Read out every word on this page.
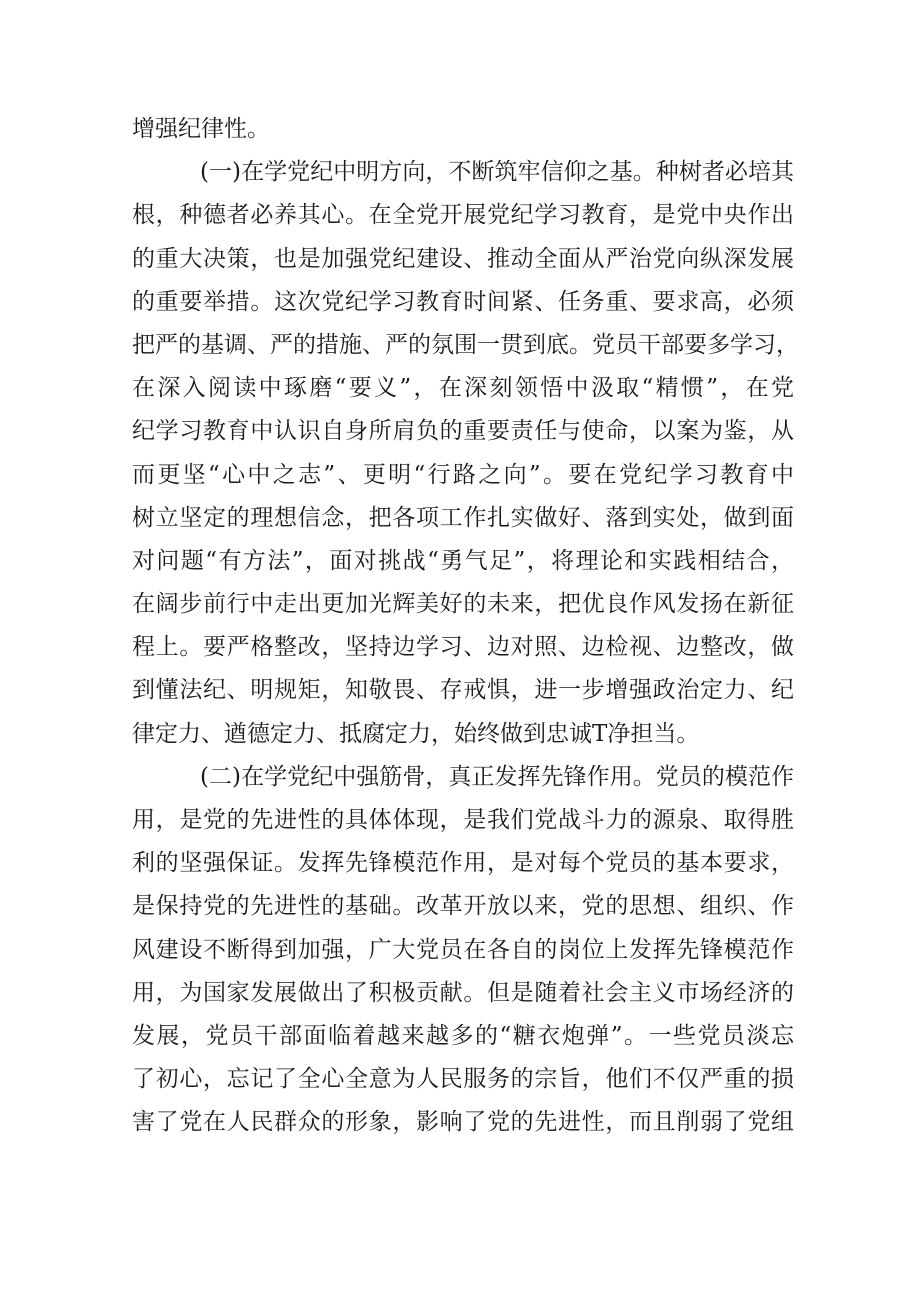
增强纪律性。
(一)在学党纪中明方向，不断筑牢信仰之基。种树者必培其
根，种德者必养其心。在全党开展党纪学习教育，是党中央作出
的重大决策，也是加强党纪建设、推动全面从严治党向纵深发展
的重要举措。这次党纪学习教育时间紧、任务重、要求高，必须
把严的基调、严的措施、严的氛围一贯到底。党员干部要多学习，
在深入阅读中琢磨“要义”，在深刻领悟中汲取“精惯”，在党
纪学习教育中认识自身所肩负的重要责任与使命，以案为鉴，从
而更坚“心中之志”、更明“行路之向”。要在党纪学习教育中
树立坚定的理想信念，把各项工作扎实做好、落到实处，做到面
对问题“有方法”，面对挑战“勇气足”，将理论和实践相结合，
在阔步前行中走出更加光辉美好的未来，把优良作风发扬在新征
程上。要严格整改，坚持边学习、边对照、边检视、边整改，做
到懂法纪、明规矩，知敬畏、存戒惧，进一步增强政治定力、纪
律定力、遒德定力、抵腐定力，始终做到忠诚T净担当。
(二)在学党纪中强筋骨，真正发挥先锋作用。党员的模范作
用，是党的先进性的具体体现，是我们党战斗力的源泉、取得胜
利的坚强保证。发挥先锋模范作用，是对每个党员的基本要求，
是保持党的先进性的基础。改革开放以来，党的思想、组织、作
风建设不断得到加强，广大党员在各自的岗位上发挥先锋模范作
用，为国家发展做出了积极贡献。但是随着社会主义市场经济的
发展，党员干部面临着越来越多的“糖衣炮弹”。一些党员淡忘
了初心，忘记了全心全意为人民服务的宗旨，他们不仅严重的损
害了党在人民群众的形象，影响了党的先进性，而且削弱了党组
